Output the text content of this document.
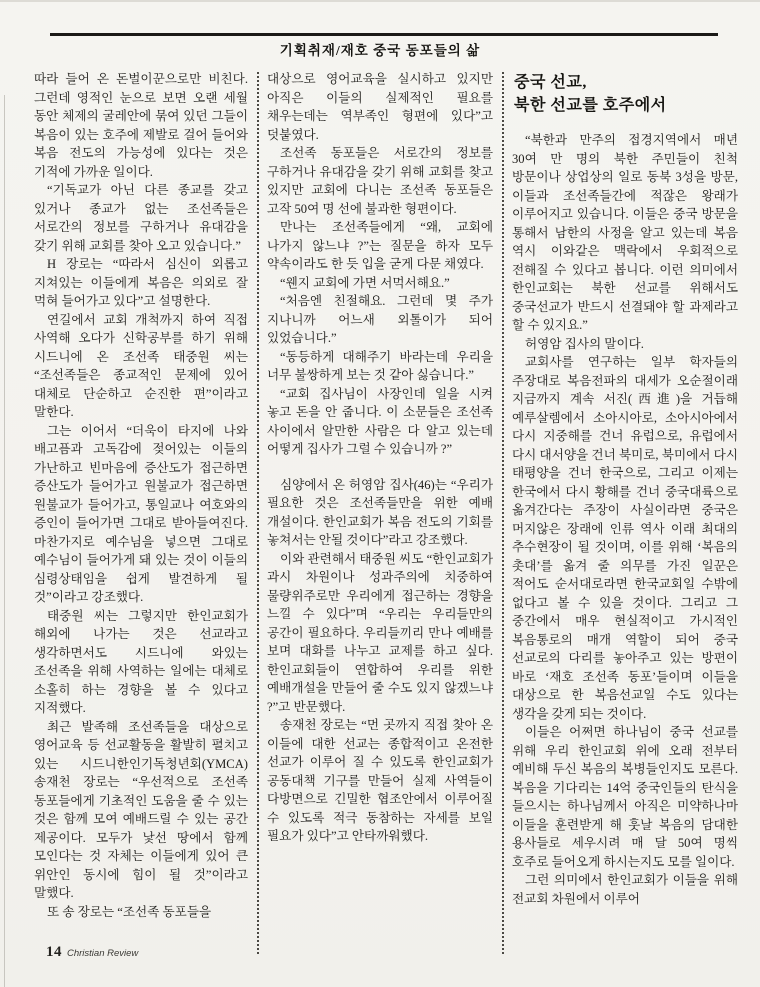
기획취재/재호 중국 동포들의 삶

따라 들어 온 돈벌이꾼으로만 비친다. 그런데 영적인 눈으로 보면 오랜 세월 동안 체제의 굴레안에 묶여 있던 그들이 복음이 있는 호주에 제발로 걸어 들어와 복음 전도의 가능성에 있다는 것은 기적에 가까운 일이다.

“기독교가 아닌 다른 종교를 갖고 있거나 종교가 없는 조선족들은 서로간의 정보를 구하거나 유대감을 갖기 위해 교회를 찾아 오고 있습니다.”

H 장로는 “따라서 심신이 외롭고 지쳐있는 이들에게 복음은 의외로 잘 먹혀 들어가고 있다”고 설명한다.

연길에서 교회 개척까지 하여 직접 사역해 오다가 신학공부를 하기 위해 시드니에 온 조선족 태중원 씨는 “조선족들은 종교적인 문제에 있어 대체로 단순하고 순진한 편”이라고 말한다.

그는 이어서 “더욱이 타지에 나와 배고픔과 고독감에 젖어있는 이들의 가난하고 빈마음에 증산도가 접근하면 증산도가 들어가고 원불교가 접근하면 원불교가 들어가고, 통일교나 여호와의 증인이 들어가면 그대로 받아들여진다. 마찬가지로 예수님을 넣으면 그대로 예수님이 들어가게 돼 있는 것이 이들의 심령상태임을 쉽게 발견하게 될 것”이라고 강조했다.

태중원 씨는 그렇지만 한인교회가 해외에 나가는 것은 선교라고 생각하면서도 시드니에 와있는 조선족을 위해 사역하는 일에는 대체로 소홀히 하는 경향을 볼 수 있다고 지적했다.

최근 발족해 조선족들을 대상으로 영어교육 등 선교활동을 활발히 펼치고 있는 시드니한인기독청년회(YMCA) 송재천 장로는 “우선적으로 조선족 동포들에게 기초적인 도움을 줄 수 있는 것은 함께 모여 예배드릴 수 있는 공간 제공이다. 모두가 낯선 땅에서 함께 모인다는 것 자체는 이들에게 있어 큰 위안인 동시에 힘이 될 것”이라고 말했다.

또 송 장로는 “조선족 동포들을

대상으로 영어교육을 실시하고 있지만 아직은 이들의 실제적인 필요를 채우는데는 역부족인 형편에 있다”고 덧붙였다.

조선족 동포들은 서로간의 정보를 구하거나 유대감을 갖기 위해 교회를 찾고 있지만 교회에 다니는 조선족 동포들은 고작 50여 명 선에 불과한 형편이다.

만나는 조선족들에게 “왜, 교회에 나가지 않느냐 ?”는 질문을 하자 모두 약속이라도 한 듯 입을 굳게 다문 채였다.

“웬지 교회에 가면 서먹서해요.”

“처음엔 친절해요. 그런데 몇 주가 지나니까 어느새 외톨이가 되어 있었습니다.”

“동등하게 대해주기 바라는데 우리을 너무 불쌍하게 보는 것 같아 싫습니다.”

“교회 집사님이 사장인데 일을 시켜 놓고 돈을 안 줍니다. 이 소문들은 조선족 사이에서 알만한 사람은 다 알고 있는데 어떻게 집사가 그럴 수 있습니까 ?”

심양에서 온 허영암 집사(46)는 “우리가 필요한 것은 조선족들만을 위한 예배 개설이다. 한인교회가 복음 전도의 기회를 놓쳐서는 안될 것이다”라고 강조했다.

이와 관련해서 태중원 씨도 “한인교회가 과시 차원이나 성과주의에 치중하여 물량위주로만 우리에게 접근하는 경향을 느낄 수 있다”며 “우리는 우리들만의 공간이 필요하다. 우리들끼리 만나 예배를 보며 대화를 나누고 교제를 하고 싶다. 한인교회들이 연합하여 우리를 위한 예배개설을 만들어 줄 수도 있지 않겠느냐 ?”고 반문했다.

송재천 장로는 “먼 곳까지 직접 찾아 온 이들에 대한 선교는 종합적이고 온전한 선교가 이루어 질 수 있도록 한인교회가 공동대책 기구를 만들어 실제 사역들이 다방면으로 긴밀한 협조안에서 이루어질 수 있도록 적극 동참하는 자세를 보일 필요가 있다”고 안타까워했다.

중국 선교,
북한 선교를 호주에서

“북한과 만주의 접경지역에서 매년 30여 만 명의 북한 주민들이 친척 방문이나 상업상의 일로 동북 3성을 방문, 이들과 조선족들간에 적잖은 왕래가 이루어지고 있습니다. 이들은 중국 방문을 통해서 남한의 사정을 알고 있는데 복음 역시 이와같은 맥락에서 우회적으로 전해질 수 있다고 봅니다. 이런 의미에서 한인교회는 북한 선교를 위해서도 중국선교가 반드시 선결돼야 할 과제라고 할 수 있지요.”

허영암 집사의 말이다.

교회사를 연구하는 일부 학자들의 주장대로 복음전파의 대세가 오순절이래 지금까지 계속 서진(西進)을 거듭해 예루살렘에서 소아시아로, 소아시아에서 다시 지중해를 건너 유럽으로, 유럽에서 다시 대서양을 건너 북미로, 북미에서 다시 태평양을 건너 한국으로, 그리고 이제는 한국에서 다시 황해를 건너 중국대륙으로 옮겨간다는 주장이 사실이라면 중국은 머지않은 장래에 인류 역사 이래 최대의 추수현장이 될 것이며, 이를 위해 ‘복음의 촛대’를 옮겨 줄 의무를 가진 일꾼은 적어도 순서대로라면 한국교회일 수밖에 없다고 볼 수 있을 것이다. 그리고 그 중간에서 매우 현실적이고 가시적인 복음통로의 매개 역할이 되어 중국 선교로의 다리를 놓아주고 있는 방편이 바로 ‘재호 조선족 동포’들이며 이들을 대상으로 한 복음선교일 수도 있다는 생각을 갖게 되는 것이다.

이들은 어쩌면 하나님이 중국 선교를 위해 우리 한인교회 위에 오래 전부터 예비해 두신 복음의 복병들인지도 모른다. 복음을 기다리는 14억 중국인들의 탄식을 들으시는 하나님께서 아직은 미약하나마 이들을 훈련받게 해 훗날 복음의 담대한 용사들로 세우시려 매 달 50여 명씩 호주로 들어오게 하시는지도 모를 일이다.

그런 의미에서 한인교회가 이들을 위해 전교회 차원에서 이루어

14 Christian Review
